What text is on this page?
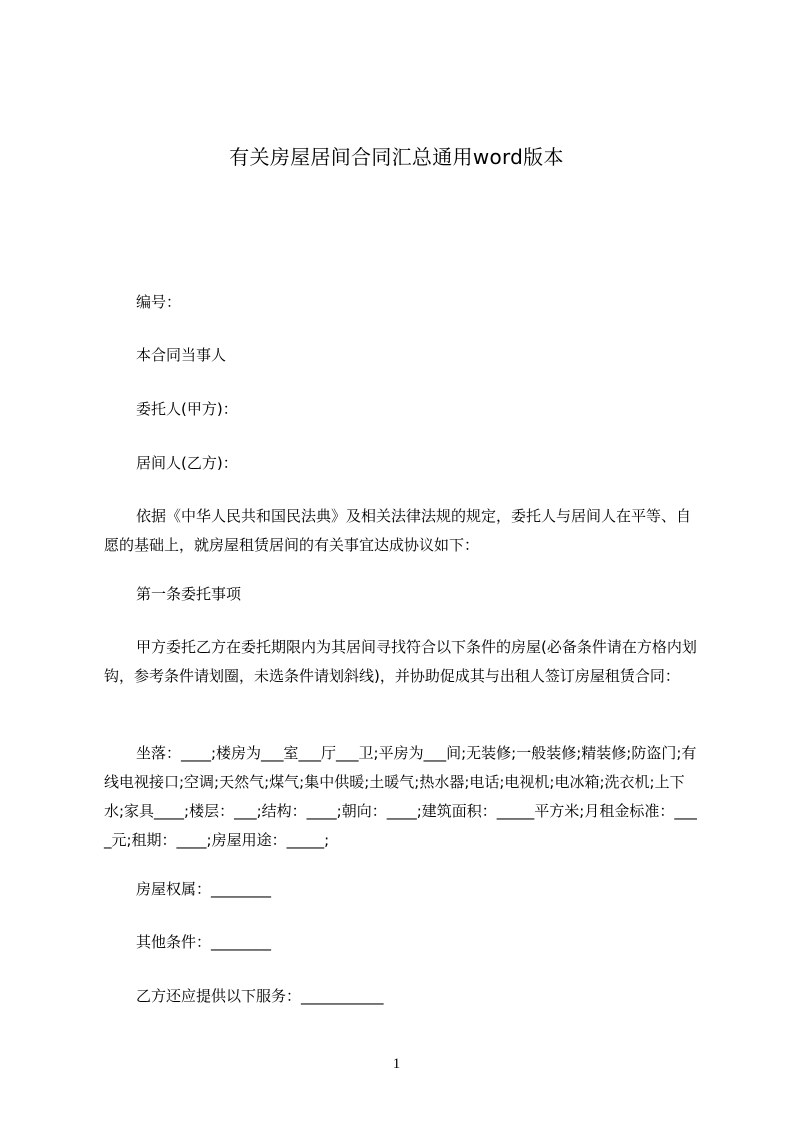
有关房屋居间合同汇总通用word版本
编号：
本合同当事人
委托人(甲方)：
居间人(乙方)：
依据《中华人民共和国民法典》及相关法律法规的规定，委托人与居间人在平等、自愿的基础上，就房屋租赁居间的有关事宜达成协议如下：
第一条委托事项
甲方委托乙方在委托期限内为其居间寻找符合以下条件的房屋(必备条件请在方格内划钩，参考条件请划圈，未选条件请划斜线)，并协助促成其与出租人签订房屋租赁合同：
坐落：____;楼房为___室___厅___卫;平房为___间;无装修;一般装修;精装修;防盗门;有线电视接口;空调;天然气;煤气;集中供暖;土暖气;热水器;电话;电视机;电冰箱;洗衣机;上下水;家具____;楼层：___;结构：____;朝向：____;建筑面积：_____平方米;月租金标准：____元;租期：____;房屋用途：_____;
房屋权属：________
其他条件：________
乙方还应提供以下服务：___________
1
